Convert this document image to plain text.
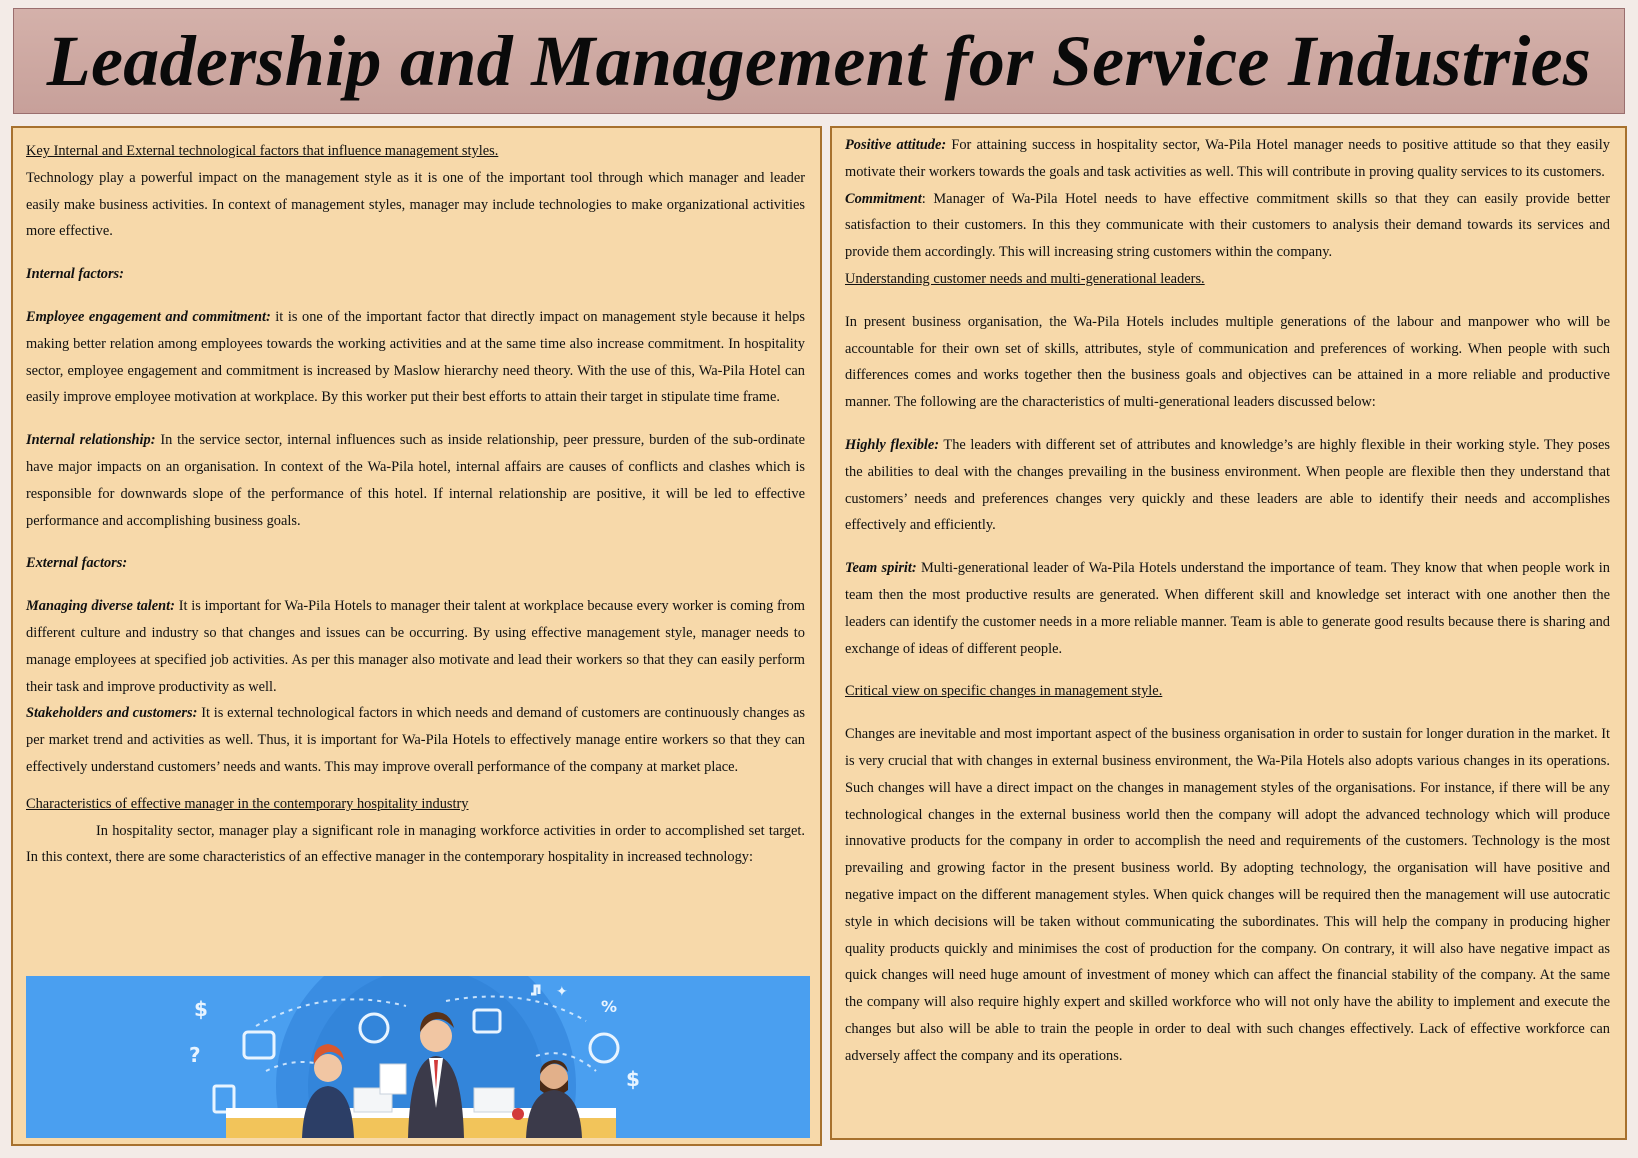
Leadership and Management for Service Industries

Key Internal and External technological factors that influence management styles.

Technology play a powerful impact on the management style as it is one of the important tool through which manager and leader easily make business activities. In context of management styles, manager may include technologies to make organizational activities more effective.

Internal factors:

Employee engagement and commitment: it is one of the important factor that directly impact on management style because it helps making better relation among employees towards the working activities and at the same time also increase commitment. In hospitality sector, employee engagement and commitment is increased by Maslow hierarchy need theory. With the use of this, Wa-Pila Hotel can easily improve employee motivation at workplace. By this worker put their best efforts to attain their target in stipulate time frame.

Internal relationship: In the service sector, internal influences such as inside relationship, peer pressure, burden of the sub-ordinate have major impacts on an organisation. In context of the Wa-Pila hotel, internal affairs are causes of conflicts and clashes which is responsible for downwards slope of the performance of this hotel. If internal relationship are positive, it will be led to effective performance and accomplishing business goals.

External factors:

Managing diverse talent: It is important for Wa-Pila Hotels to manager their talent at workplace because every worker is coming from different culture and industry so that changes and issues can be occurring. By using effective management style, manager needs to manage employees at specified job activities. As per this manager also motivate and lead their workers so that they can easily perform their task and improve productivity as well.

Stakeholders and customers: It is external technological factors in which needs and demand of customers are continuously changes as per market trend and activities as well. Thus, it is important for Wa-Pila Hotels to effectively manage entire workers so that they can effectively understand customers’ needs and wants. This may improve overall performance of the company at market place.

Characteristics of effective manager in the contemporary hospitality industry

In hospitality sector, manager play a significant role in managing workforce activities in order to accomplished set target. In this context, there are some characteristics of an effective manager in the contemporary hospitality in increased technology:

$
?
%
$
✦

Positive attitude: For attaining success in hospitality sector, Wa-Pila Hotel manager needs to positive attitude so that they easily motivate their workers towards the goals and task activities as well. This will contribute in proving quality services to its customers.

Commitment: Manager of Wa-Pila Hotel needs to have effective commitment skills so that they can easily provide better satisfaction to their customers. In this they communicate with their customers to analysis their demand towards its services and provide them accordingly. This will increasing string customers within the company.

Understanding customer needs and multi-generational leaders.

In present business organisation, the Wa-Pila Hotels includes multiple generations of the labour and manpower who will be accountable for their own set of skills, attributes, style of communication and preferences of working. When people with such differences comes and works together then the business goals and objectives can be attained in a more reliable and productive manner. The following are the characteristics of multi-generational leaders discussed below:

Highly flexible: The leaders with different set of attributes and knowledge’s are highly flexible in their working style. They poses the abilities to deal with the changes prevailing in the business environment. When people are flexible then they understand that customers’ needs and preferences changes very quickly and these leaders are able to identify their needs and accomplishes effectively and efficiently.

Team spirit: Multi-generational leader of Wa-Pila Hotels understand the importance of team. They know that when people work in team then the most productive results are generated. When different skill and knowledge set interact with one another then the leaders can identify the customer needs in a more reliable manner. Team is able to generate good results because there is sharing and exchange of ideas of different people.

Critical view on specific changes in management style.

Changes are inevitable and most important aspect of the business organisation in order to sustain for longer duration in the market. It is very crucial that with changes in external business environment, the Wa-Pila Hotels also adopts various changes in its operations. Such changes will have a direct impact on the changes in management styles of the organisations. For instance, if there will be any technological changes in the external business world then the company will adopt the advanced technology which will produce innovative products for the company in order to accomplish the need and requirements of the customers. Technology is the most prevailing and growing factor in the present business world. By adopting technology, the organisation will have positive and negative impact on the different management styles. When quick changes will be required then the management will use autocratic style in which decisions will be taken without communicating the subordinates. This will help the company in producing higher quality products quickly and minimises the cost of production for the company. On contrary, it will also have negative impact as quick changes will need huge amount of investment of money which can affect the financial stability of the company. At the same the company will also require highly expert and skilled workforce who will not only have the ability to implement and execute the changes but also will be able to train the people in order to deal with such changes effectively. Lack of effective workforce can adversely affect the company and its operations.
